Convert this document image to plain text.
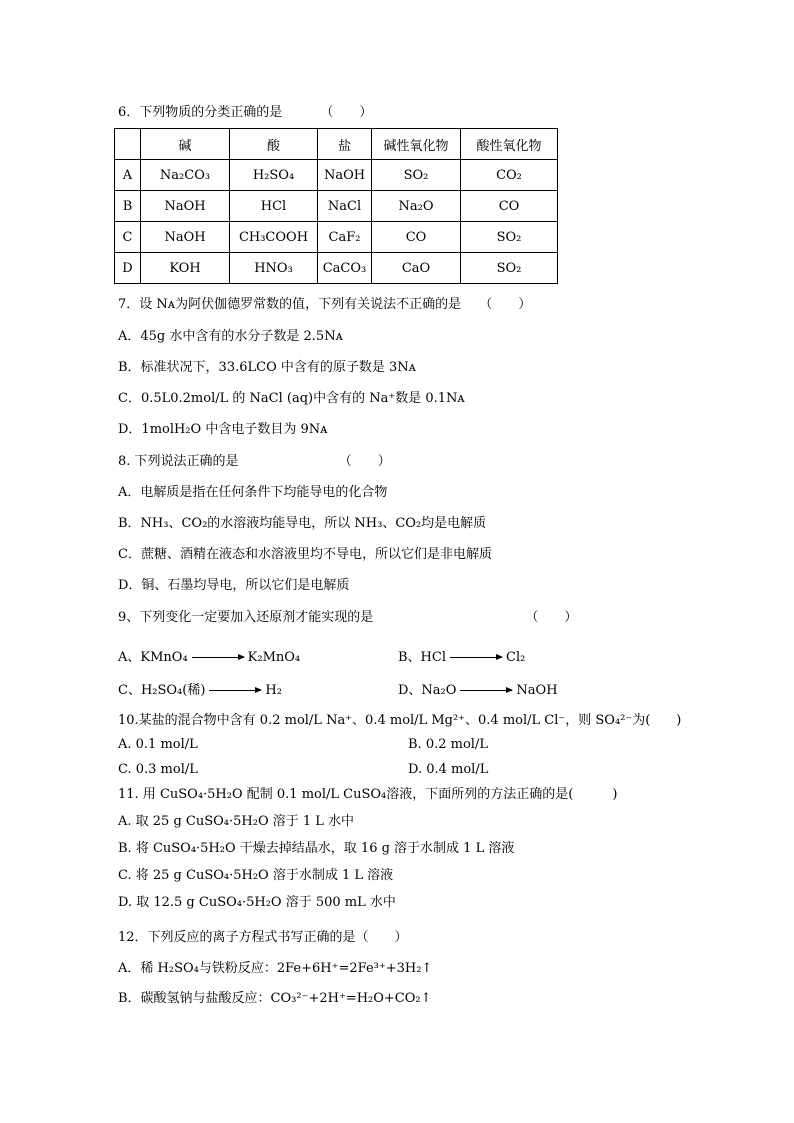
6．下列物质的分类正确的是	（　　）
	碱	酸	盐	碱性氧化物	酸性氧化物
A	Na₂CO₃	H₂SO₄	NaOH	SO₂	CO₂
B	NaOH	HCl	NaCl	Na₂O	CO
C	NaOH	CH₃COOH	CaF₂	CO	SO₂
D	KOH	HNO₃	CaCO₃	CaO	SO₂
7．设 Nᴀ为阿伏伽德罗常数的值，下列有关说法不正确的是 （　　）
A．45g 水中含有的水分子数是 2.5Nᴀ
B．标准状况下，33.6LCO 中含有的原子数是 3Nᴀ
C．0.5L0.2mol/L 的 NaCl (aq)中含有的 Na⁺数是 0.1Nᴀ
D．1molH₂O 中含电子数目为 9Nᴀ
8. 下列说法正确的是	（　　）
A．电解质是指在任何条件下均能导电的化合物
B．NH₃、CO₂的水溶液均能导电，所以 NH₃、CO₂均是电解质
C．蔗糖、酒精在液态和水溶液里均不导电，所以它们是非电解质
D．铜、石墨均导电，所以它们是电解质
9、下列变化一定要加入还原剂才能实现的是	（　　）
A、KMnO₄ → K₂MnO₄	B、HCl → Cl₂
C、H₂SO₄(稀) → H₂	D、Na₂O → NaOH
10.某盐的混合物中含有 0.2 mol/L Na⁺、0.4 mol/L Mg²⁺、0.4 mol/L Cl⁻，则 SO₄²⁻为(　　)
A. 0.1 mol/L	B. 0.2 mol/L
C. 0.3 mol/L	D. 0.4 mol/L
11. 用 CuSO₄·5H₂O 配制 0.1 mol/L CuSO₄溶液，下面所列的方法正确的是(　　　)
A. 取 25 g CuSO₄·5H₂O 溶于 1 L 水中
B. 将 CuSO₄·5H₂O 干燥去掉结晶水，取 16 g 溶于水制成 1 L 溶液
C. 将 25 g CuSO₄·5H₂O 溶于水制成 1 L 溶液
D. 取 12.5 g CuSO₄·5H₂O 溶于 500 mL 水中
12．下列反应的离子方程式书写正确的是（　　）
A．稀 H₂SO₄与铁粉反应：2Fe+6H⁺=2Fe³⁺+3H₂↑
B．碳酸氢钠与盐酸反应：CO₃²⁻+2H⁺=H₂O+CO₂↑
